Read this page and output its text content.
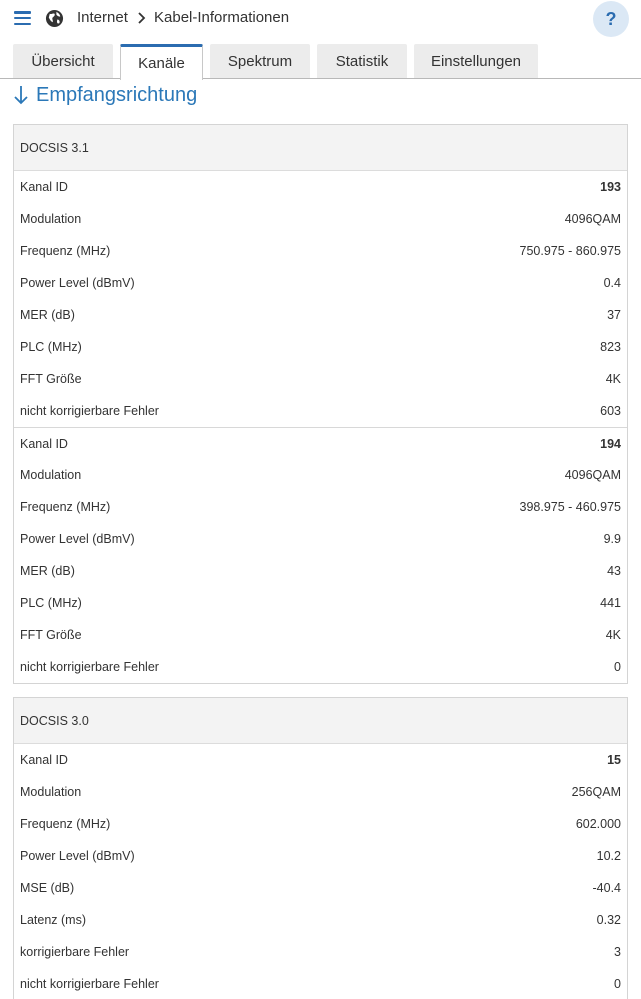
Internet Kabel-Informationen	?
Übersicht	Kanäle	Spektrum	Statistik	Einstellungen
Empfangsrichtung
DOCSIS 3.1
Kanal ID	193
Modulation	4096QAM
Frequenz (MHz)	750.975 - 860.975
Power Level (dBmV)	0.4
MER (dB)	37
PLC (MHz)	823
FFT Größe	4K
nicht korrigierbare Fehler	603
Kanal ID	194
Modulation	4096QAM
Frequenz (MHz)	398.975 - 460.975
Power Level (dBmV)	9.9
MER (dB)	43
PLC (MHz)	441
FFT Größe	4K
nicht korrigierbare Fehler	0
DOCSIS 3.0
Kanal ID	15
Modulation	256QAM
Frequenz (MHz)	602.000
Power Level (dBmV)	10.2
MSE (dB)	-40.4
Latenz (ms)	0.32
korrigierbare Fehler	3
nicht korrigierbare Fehler	0
